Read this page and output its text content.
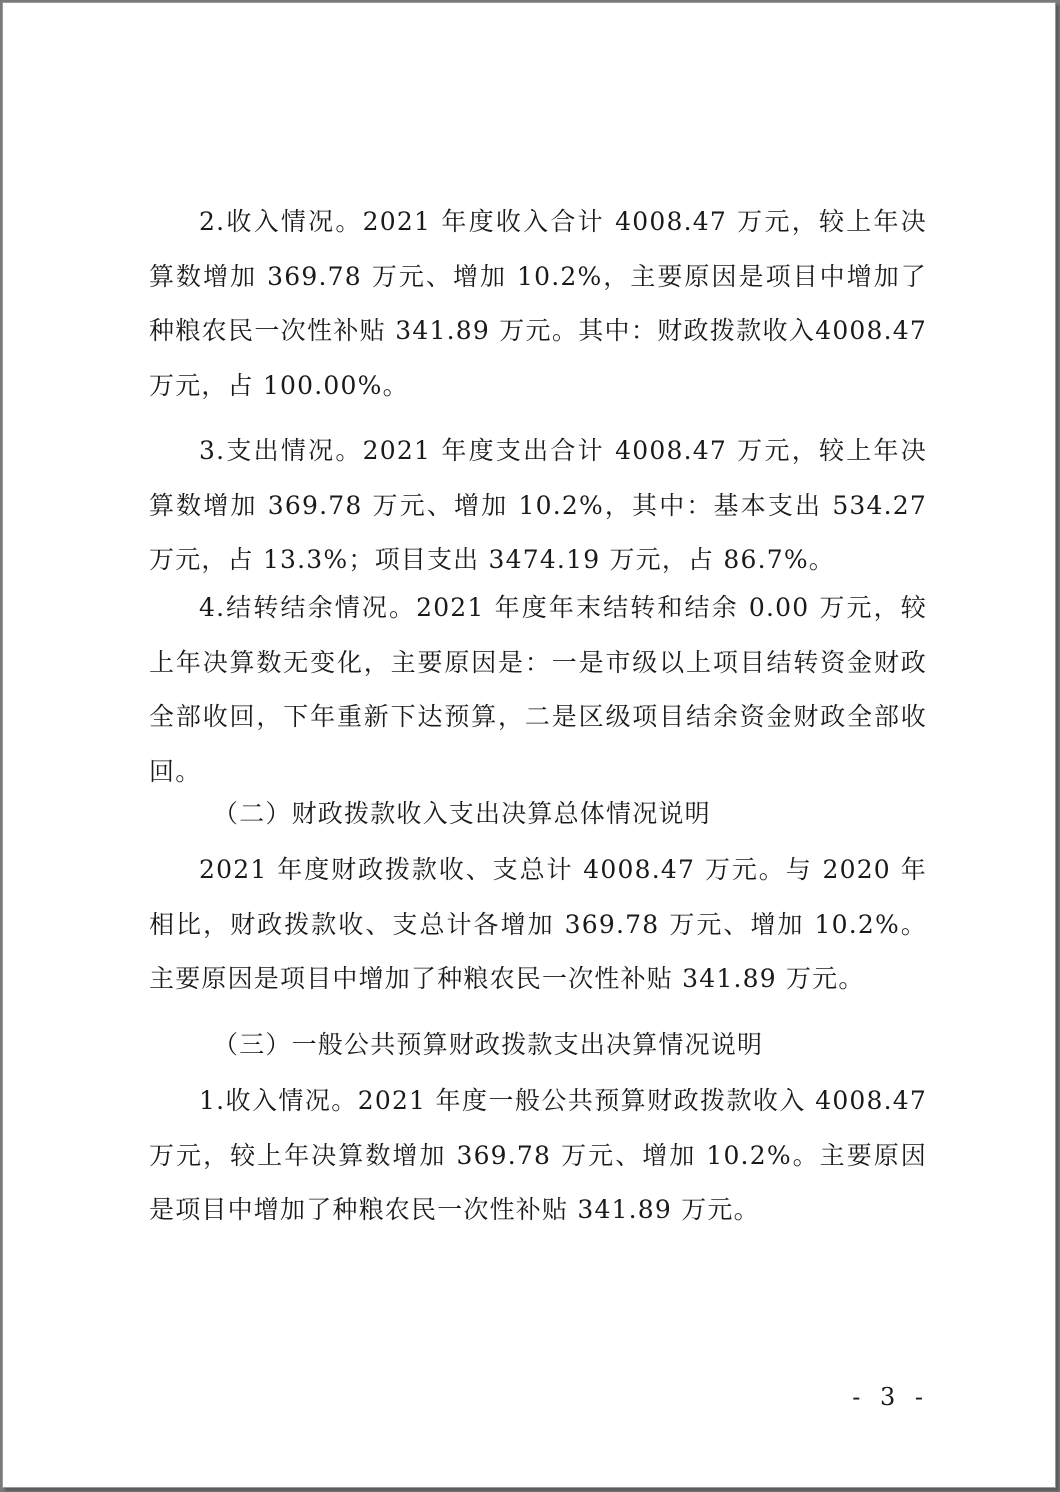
2.收入情况。2021 年度收入合计 4008.47 万元，较上年决算数增加 369.78 万元、增加 10.2%，主要原因是项目中增加了种粮农民一次性补贴 341.89 万元。其中：财政拨款收入4008.47万元，占 100.00%。

3.支出情况。2021 年度支出合计 4008.47 万元，较上年决算数增加 369.78 万元、增加 10.2%，其中：基本支出 534.27 万元，占 13.3%；项目支出 3474.19 万元，占 86.7%。

4.结转结余情况。2021 年度年末结转和结余 0.00 万元，较上年决算数无变化，主要原因是：一是市级以上项目结转资金财政全部收回，下年重新下达预算，二是区级项目结余资金财政全部收回。

（二）财政拨款收入支出决算总体情况说明

2021 年度财政拨款收、支总计 4008.47 万元。与 2020 年相比，财政拨款收、支总计各增加 369.78 万元、增加 10.2%。主要原因是项目中增加了种粮农民一次性补贴 341.89 万元。

（三）一般公共预算财政拨款支出决算情况说明

1.收入情况。2021 年度一般公共预算财政拨款收入 4008.47 万元，较上年决算数增加 369.78 万元、增加 10.2%。主要原因是项目中增加了种粮农民一次性补贴 341.89 万元。

- 3 -
